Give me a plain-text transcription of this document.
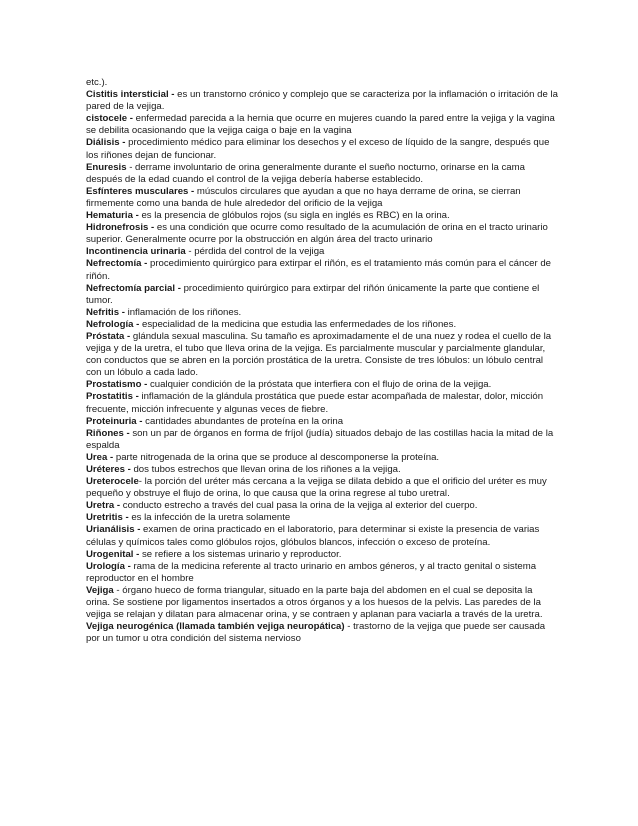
etc.).

Cistitis intersticial - es un transtorno crónico y complejo que se caracteriza por la inflamación o irritación de la pared de la vejiga.

cistocele - enfermedad parecida a la hernia que ocurre en mujeres cuando la pared entre la vejiga y la vagina se debilita ocasionando que la vejiga caiga o baje en la vagina

Diálisis - procedimiento médico para eliminar los desechos y el exceso de líquido de la sangre, después que los riñones dejan de funcionar.

Enuresis - derrame involuntario de orina generalmente durante el sueño nocturno, orinarse en la cama después de la edad cuando el control de la vejiga debería haberse establecido.

Esfínteres musculares - músculos circulares que ayudan a que no haya derrame de orina, se cierran firmemente como una banda de hule alrededor del orificio de la vejiga

Hematuria - es la presencia de glóbulos rojos (su sigla en inglés es RBC) en la orina.

Hidronefrosis - es una condición que ocurre como resultado de la acumulación de orina en el tracto urinario superior. Generalmente ocurre por la obstrucción en algún área del tracto urinario

Incontinencia urinaria - pérdida del control de la vejiga

Nefrectomía - procedimiento quirúrgico para extirpar el riñón, es el tratamiento más común para el cáncer de riñón.

Nefrectomía parcial - procedimiento quirúrgico para extirpar del riñón únicamente la parte que contiene el tumor.

Nefritis - inflamación de los riñones.

Nefrología - especialidad de la medicina que estudia las enfermedades de los riñones.

Próstata - glándula sexual masculina. Su tamaño es aproximadamente el de una nuez y rodea el cuello de la vejiga y de la uretra, el tubo que lleva orina de la vejiga. Es parcialmente muscular y parcialmente glandular, con conductos que se abren en la porción prostática de la uretra. Consiste de tres lóbulos: un lóbulo central con un lóbulo a cada lado.

Prostatismo - cualquier condición de la próstata que interfiera con el flujo de orina de la vejiga.

Prostatitis - inflamación de la glándula prostática que puede estar acompañada de malestar, dolor, micción frecuente, micción infrecuente y algunas veces de fiebre.

Proteinuria - cantidades abundantes de proteína en la orina

Riñones - son un par de órganos en forma de fríjol (judía) situados debajo de las costillas hacia la mitad de la espalda

Urea - parte nitrogenada de la orina que se produce al descomponerse la proteína.

Uréteres - dos tubos estrechos que llevan orina de los riñones a la vejiga.

Ureterocele- la porción del uréter más cercana a la vejiga se dilata debido a que el orificio del uréter es muy pequeño y obstruye el flujo de orina, lo que causa que la orina regrese al tubo uretral.

Uretra - conducto estrecho a través del cual pasa la orina de la vejiga al exterior del cuerpo.

Uretritis - es la infección de la uretra solamente

Urianálisis - examen de orina practicado en el laboratorio, para determinar si existe la presencia de varias células y químicos tales como glóbulos rojos, glóbulos blancos, infección o exceso de proteína.

Urogenital - se refiere a los sistemas urinario y reproductor.

Urología - rama de la medicina referente al tracto urinario en ambos géneros, y al tracto genital o sistema reproductor en el hombre

Vejiga - órgano hueco de forma triangular, situado en la parte baja del abdomen en el cual se deposita la orina. Se sostiene por ligamentos insertados a otros órganos y a los huesos de la pelvis. Las paredes de la vejiga se relajan y dilatan para almacenar orina, y se contraen y aplanan para vaciarla a través de la uretra.

Vejiga neurogénica (llamada también vejiga neuropática) - trastorno de la vejiga que puede ser causada por un tumor u otra condición del sistema nervioso
